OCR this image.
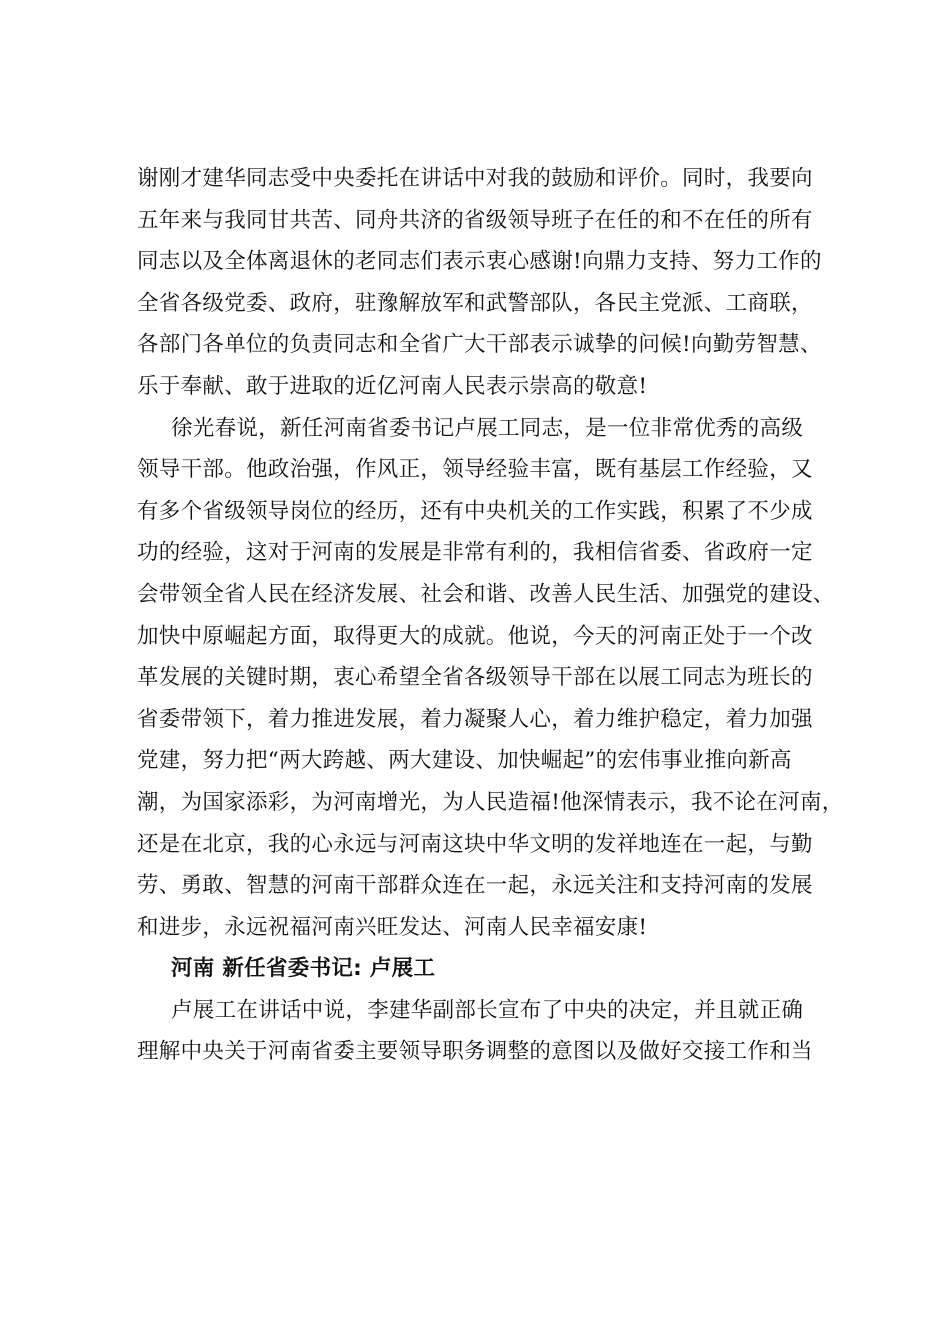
谢刚才建华同志受中央委托在讲话中对我的鼓励和评价。同时，我要向
五年来与我同甘共苦、同舟共济的省级领导班子在任的和不在任的所有
同志以及全体离退休的老同志们表示衷心感谢!向鼎力支持、努力工作的
全省各级党委、政府，驻豫解放军和武警部队，各民主党派、工商联，
各部门各单位的负责同志和全省广大干部表示诚挚的问候!向勤劳智慧、
乐于奉献、敢于进取的近亿河南人民表示崇高的敬意!
徐光春说，新任河南省委书记卢展工同志，是一位非常优秀的高级
领导干部。他政治强，作风正，领导经验丰富，既有基层工作经验，又
有多个省级领导岗位的经历，还有中央机关的工作实践，积累了不少成
功的经验，这对于河南的发展是非常有利的，我相信省委、省政府一定
会带领全省人民在经济发展、社会和谐、改善人民生活、加强党的建设、
加快中原崛起方面，取得更大的成就。他说，今天的河南正处于一个改
革发展的关键时期，衷心希望全省各级领导干部在以展工同志为班长的
省委带领下，着力推进发展，着力凝聚人心，着力维护稳定，着力加强
党建，努力把“两大跨越、两大建设、加快崛起”的宏伟事业推向新高
潮，为国家添彩，为河南增光，为人民造福!他深情表示，我不论在河南，
还是在北京，我的心永远与河南这块中华文明的发祥地连在一起，与勤
劳、勇敢、智慧的河南干部群众连在一起，永远关注和支持河南的发展
和进步，永远祝福河南兴旺发达、河南人民幸福安康!
河南 新任省委书记: 卢展工
卢展工在讲话中说，李建华副部长宣布了中央的决定，并且就正确
理解中央关于河南省委主要领导职务调整的意图以及做好交接工作和当
